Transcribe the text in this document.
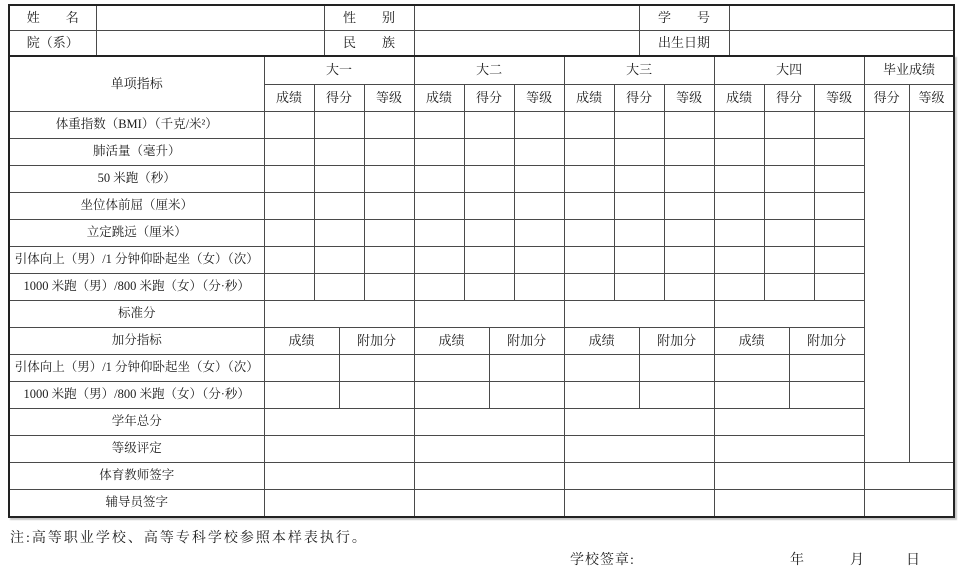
姓　　名		性　　别		学　　号	
院（系）		民　　族		出生日期	
单项指标	大一				大二				大三				大四				毕业成绩	
	成绩	得分		等级	成绩	得分		等级	成绩	得分		等级	成绩	得分		等级	得分	等级
体重指数（BMI）（千克/米²）																		
肺活量（毫升）																		
50 米跑（秒）																		
坐位体前屈（厘米）																		
立定跳远（厘米）																		
引体向上（男）/1 分钟仰卧起坐（女）（次）																		
1000 米跑（男）/800 米跑（女）（分·秒）																		
标准分																		
加分指标	成绩		附加分		成绩		附加分		成绩		附加分		成绩		附加分			
引体向上（男）/1 分钟仰卧起坐（女）（次）																		
1000 米跑（男）/800 米跑（女）（分·秒）																		
学年总分																		
等级评定																		
体育教师签字																		
辅导员签字																		
注:高等职业学校、高等专科学校参照本样表执行。
学校签章:	年	月	日
